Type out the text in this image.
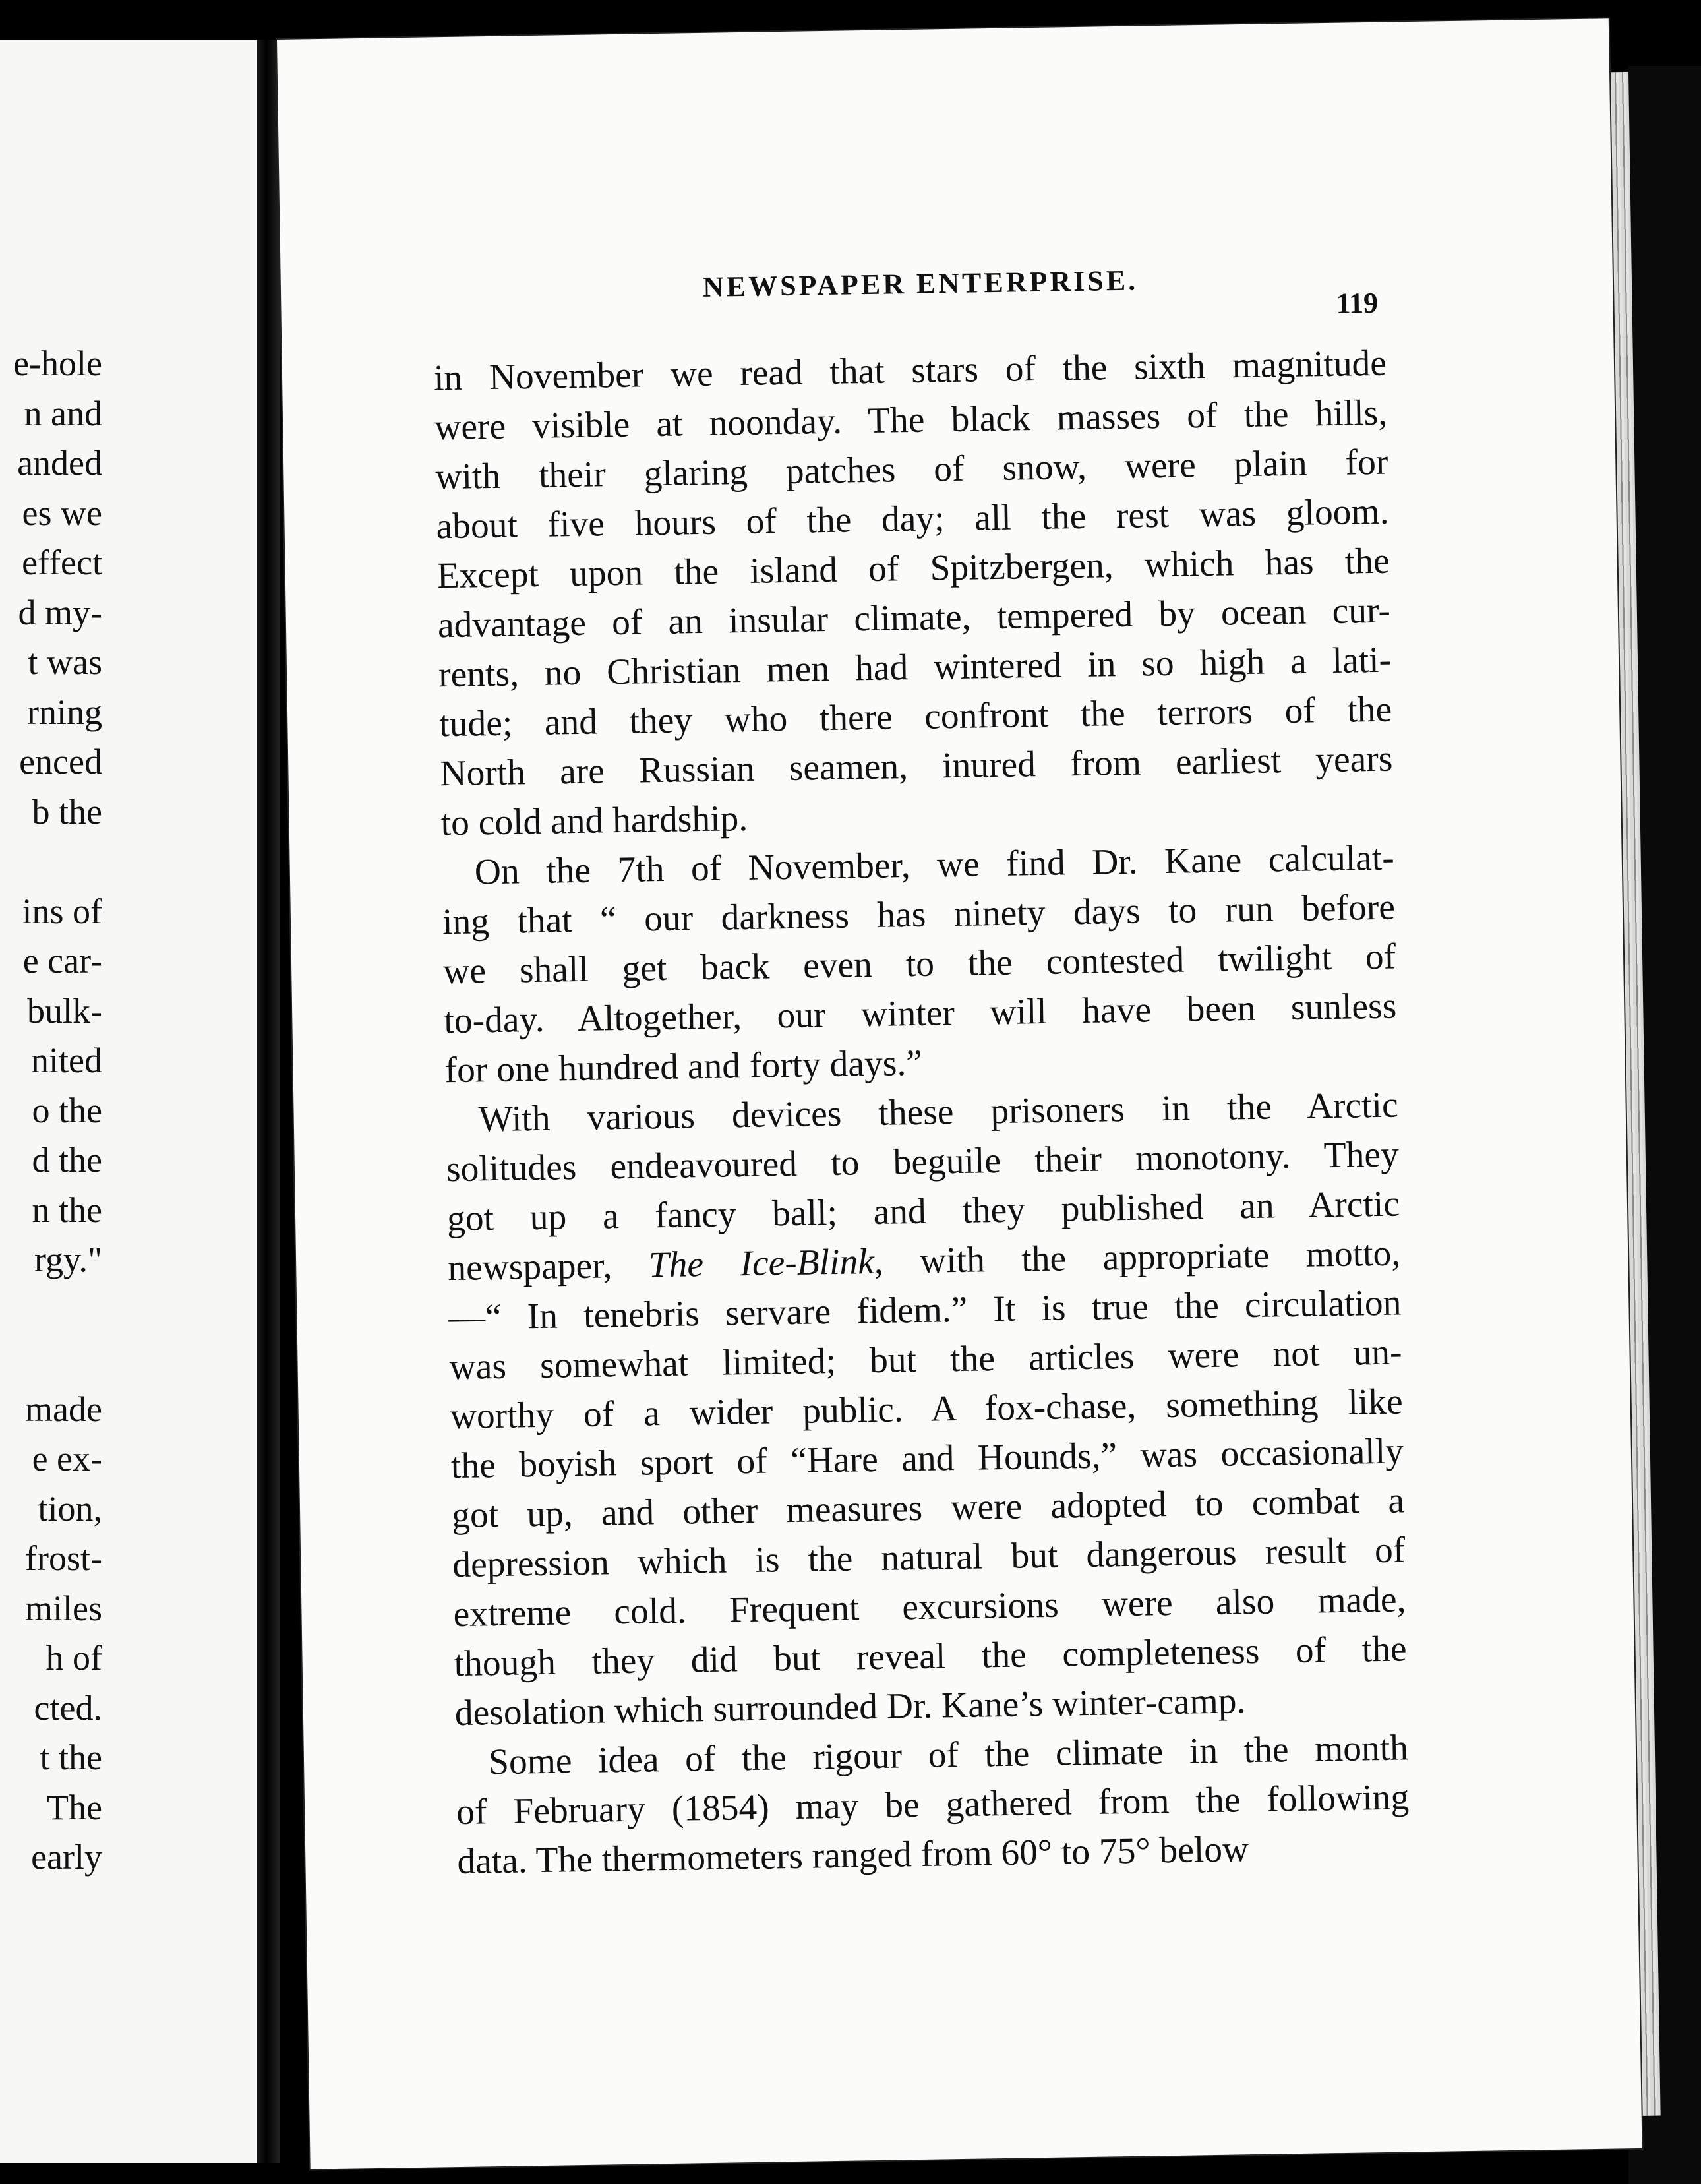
e-hole
n and
anded
es we
effect
d my-
t was
rning
enced
b the
ins of
e car-
bulk-
nited
o the
d the
n the
rgy."
made
e ex-
tion,
frost-
miles
h of
cted.
t the
The
early
NEWSPAPER ENTERPRISE.	119
in November we read that stars of the sixth magnitude
were visible at noonday. The black masses of the hills,
with their glaring patches of snow, were plain for
about five hours of the day; all the rest was gloom.
Except upon the island of Spitzbergen, which has the
advantage of an insular climate, tempered by ocean cur-
rents, no Christian men had wintered in so high a lati-
tude; and they who there confront the terrors of the
North are Russian seamen, inured from earliest years
to cold and hardship.
On the 7th of November, we find Dr. Kane calculat-
ing that “ our darkness has ninety days to run before
we shall get back even to the contested twilight of
to-day. Altogether, our winter will have been sunless
for one hundred and forty days.”
With various devices these prisoners in the Arctic
solitudes endeavoured to beguile their monotony. They
got up a fancy ball; and they published an Arctic
newspaper, The Ice-Blink, with the appropriate motto,
—“ In tenebris servare fidem.” It is true the circulation
was somewhat limited; but the articles were not un-
worthy of a wider public. A fox-chase, something like
the boyish sport of “Hare and Hounds,” was occasionally
got up, and other measures were adopted to combat a
depression which is the natural but dangerous result of
extreme cold. Frequent excursions were also made,
though they did but reveal the completeness of the
desolation which surrounded Dr. Kane’s winter-camp.
Some idea of the rigour of the climate in the month
of February (1854) may be gathered from the following
data. The thermometers ranged from 60° to 75° below
